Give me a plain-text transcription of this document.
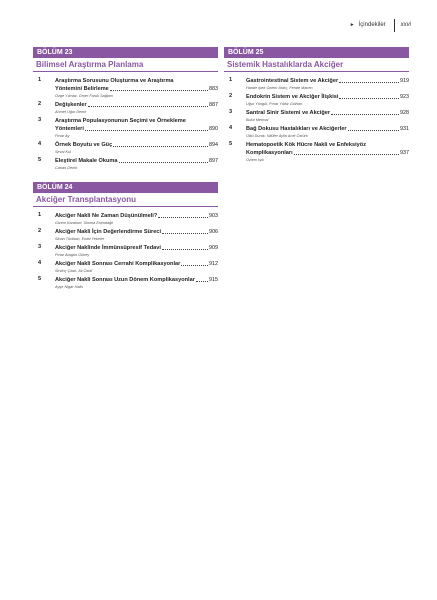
► İçindekiler	xxvi
BÖLÜM 23
Bilimsel Araştırma Planlama
1 Araştırma Sorusunu Oluşturma ve Araştırma
Yöntemini Belirleme	883
Özge Yılmaz, Ömer Faruk Sağlam
2 Değişkenler	887
Ahmet Uğur Demir
3 Araştırma Populasyonunun Seçimi ve Örnekleme
Yöntemleri	890
Pınar Ay
4 Örnek Boyutu ve Güç	894
Seval Kul
5 Eleştirel Makale Okuma	897
Canan Demir
BÖLÜM 24
Akciğer Transplantasyonu
1 Akciğer Nakli Ne Zaman Düşünülmeli?	903
Gizem Karakurt, Simma Esendağlı
2 Akciğer Nakli İçin Değerlendirme Süreci	906
Sinan Türkkan, Erdal Yekeler
3 Akciğer Naklinde İmmünsüpresif Tedavi	909
Pınar Atagün Güney
4 Akciğer Nakli Sonrası Cerrahi Komplikasyonlar	912
Sevinç Çıtak, Ali Özdil
5 Akciğer Nakli Sonrası Uzun Dönem Komplikasyonlar	915
Ayşe Nigar Halis
BÖLÜM 25
Sistemik Hastalıklarda Akciğer
1 Gastrointestinal Sistem ve Akciğer	919
Hande İpek Özlem Ardıç, Fende Macen
2 Endokrin Sistem ve Akciğer İlişkisi	923
Uğur Yüngül, Pınar Yıldız Gülhan
3 Santral Sinir Sistemi ve Akciğer	928
Bulut Mermal
4 Bağ Dokusu Hastalıkları ve Akciğerler	931
Ülkü Durak, Nilüfer Aylin Acet Öztürk
5 Hematopoetik Kök Hücre Nakli ve Enfeksiyöz
Komplikasyonları	937
Özlem Işık
